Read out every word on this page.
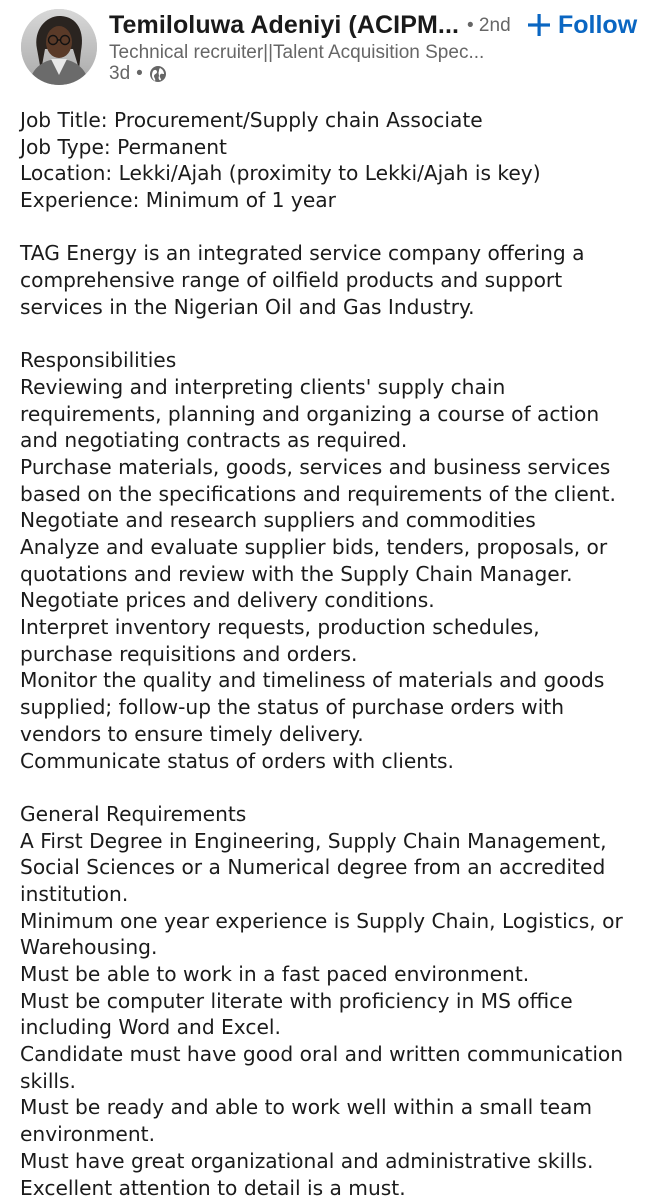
Temiloluwa Adeniyi (ACIPM... • 2nd Follow
Technical recruiter||Talent Acquisition Spec...
3d •
Job Title: Procurement/Supply chain Associate
Job Type: Permanent
Location: Lekki/Ajah (proximity to Lekki/Ajah is key)
Experience: Minimum of 1 year
TAG Energy is an integrated service company offering a
comprehensive range of oilfield products and support
services in the Nigerian Oil and Gas Industry.
Responsibilities
Reviewing and interpreting clients' supply chain
requirements, planning and organizing a course of action
and negotiating contracts as required.
Purchase materials, goods, services and business services
based on the specifications and requirements of the client.
Negotiate and research suppliers and commodities
Analyze and evaluate supplier bids, tenders, proposals, or
quotations and review with the Supply Chain Manager.
Negotiate prices and delivery conditions.
Interpret inventory requests, production schedules,
purchase requisitions and orders.
Monitor the quality and timeliness of materials and goods
supplied; follow-up the status of purchase orders with
vendors to ensure timely delivery.
Communicate status of orders with clients.
General Requirements
A First Degree in Engineering, Supply Chain Management,
Social Sciences or a Numerical degree from an accredited
institution.
Minimum one year experience is Supply Chain, Logistics, or
Warehousing.
Must be able to work in a fast paced environment.
Must be computer literate with proficiency in MS office
including Word and Excel.
Candidate must have good oral and written communication
skills.
Must be ready and able to work well within a small team
environment.
Must have great organizational and administrative skills.
Excellent attention to detail is a must.
